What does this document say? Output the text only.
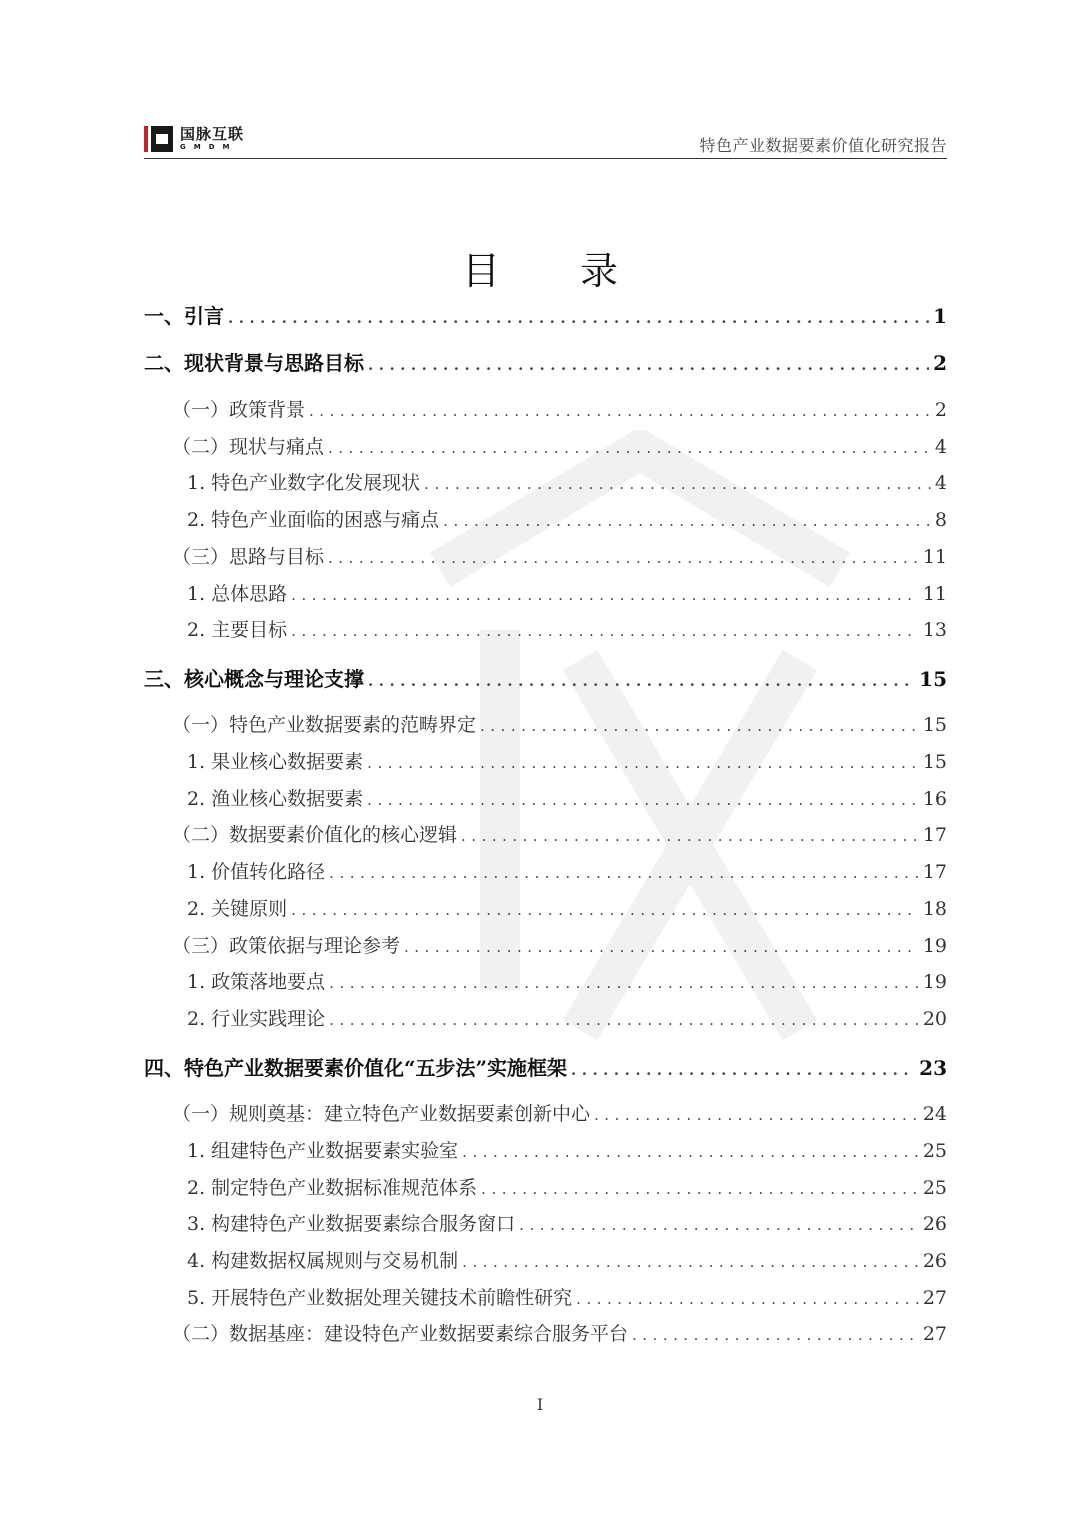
国脉互联
GMDM	特色产业数据要素价值化研究报告
目 录
一、引言 .....	1
二、现状背景与思路目标 .....	2
（一）政策背景 .....	2
（二）现状与痛点 .....	4
1. 特色产业数字化发展现状 .....	4
2. 特色产业面临的困惑与痛点 .....	8
（三）思路与目标 .....	11
1. 总体思路 .....	11
2. 主要目标 .....	13
三、核心概念与理论支撑 .....	15
（一）特色产业数据要素的范畴界定 .....	15
1. 果业核心数据要素 .....	15
2. 渔业核心数据要素 .....	16
（二）数据要素价值化的核心逻辑 .....	17
1. 价值转化路径 .....	17
2. 关键原则 .....	18
（三）政策依据与理论参考 .....	19
1. 政策落地要点 .....	19
2. 行业实践理论 .....	20
四、特色产业数据要素价值化“五步法”实施框架 .....	23
（一）规则奠基：建立特色产业数据要素创新中心 .....	24
1. 组建特色产业数据要素实验室 .....	25
2. 制定特色产业数据标准规范体系 .....	25
3. 构建特色产业数据要素综合服务窗口 .....	26
4. 构建数据权属规则与交易机制 .....	26
5. 开展特色产业数据处理关键技术前瞻性研究 .....	27
（二）数据基座：建设特色产业数据要素综合服务平台 .....	27
I
